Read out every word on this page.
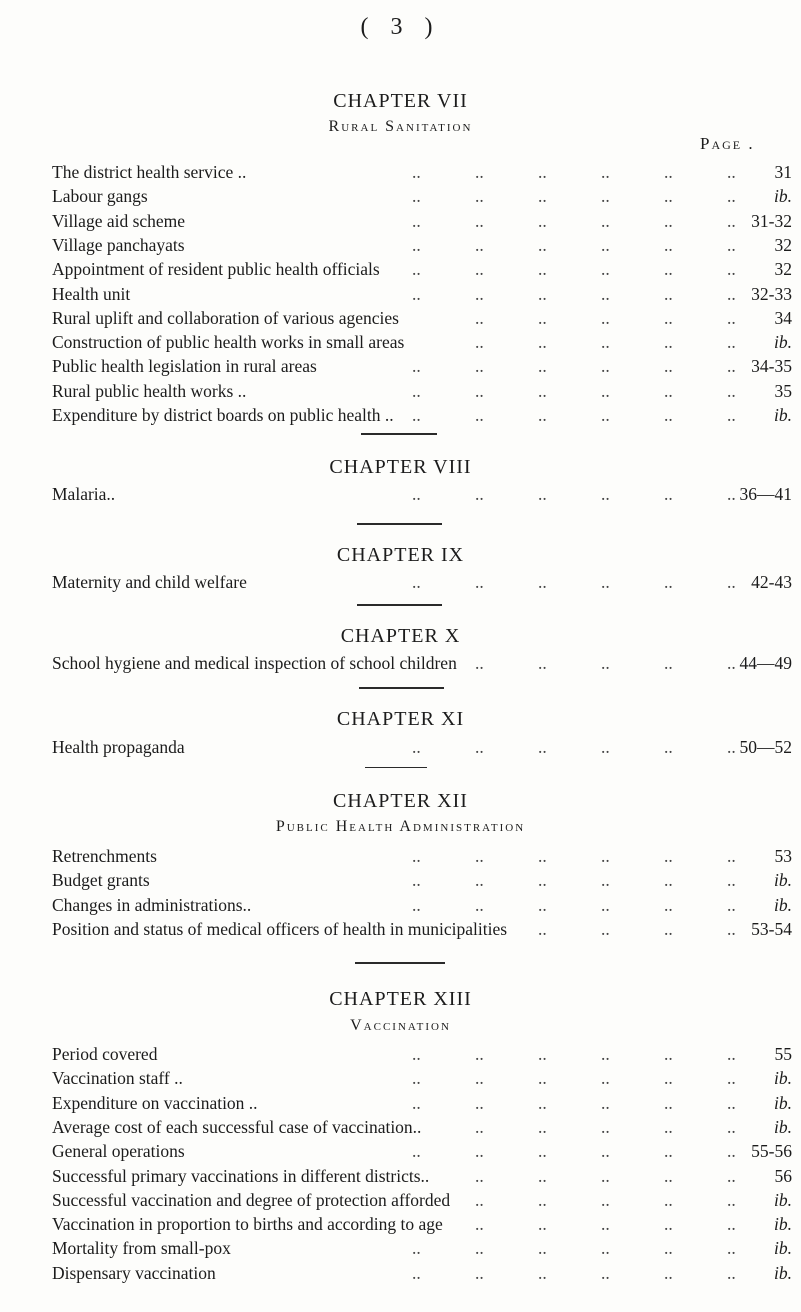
( 3 )
CHAPTER VII
Rural Sanitation
Page .
The district health service ..	..	..	..	..	..	..	31
Labour gangs	..	..	..	..	..	..	ib.
Village aid scheme	..	..	..	..	..	.. 31-32
Village panchayats	..	..	..	..	..	..	32
Appointment of resident public health officials ..	..	..	..	..	..	32
Health unit	..	..	..	..	..	.. 32-33
Rural uplift and collaboration of various agencies	..	..	..	..	..	34
Construction of public health works in small areas	..	..	..	..	..	ib.
Public health legislation in rural areas	..	..	..	..	..	.. 34-35
Rural public health works ..	..	..	..	..	..	..	35
Expenditure by district boards on public health .. ..	..	..	..	..	..	ib.
CHAPTER VIII
Malaria..	..	..	..	..	..	.. 36—41
CHAPTER IX
Maternity and child welfare	..	..	..	..	..	.. 42-43
CHAPTER X
School hygiene and medical inspection of school children ..	..	..	..	.. 44—49
CHAPTER XI
Health propaganda	..	..	..	..	..	.. 50—52
CHAPTER XII
Public Health Administration
Retrenchments	..	..	..	..	..	..	53
Budget grants	..	..	..	..	..	..	ib.
Changes in administrations..	..	..	..	..	..	..	ib.
Position and status of medical officers of health in municipalities ..	..	..	.. 53-54
CHAPTER XIII
Vaccination
Period covered	..	..	..	..	..	..	55
Vaccination staff ..	..	..	..	..	..	..	ib.
Expenditure on vaccination ..	..	..	..	..	..	..	ib.
Average cost of each successful case of vaccination..	..	..	..	..	..	ib.
General operations	..	..	..	..	..	.. 55-56
Successful primary vaccinations in different districts..	..	..	..	..	..	56
Successful vaccination and degree of protection afforded ..	..	..	..	..	ib.
Vaccination in proportion to births and according to age ..	..	..	..	..	ib.
Mortality from small-pox	..	..	..	..	..	..	ib.
Dispensary vaccination	..	..	..	..	..	..	ib.
